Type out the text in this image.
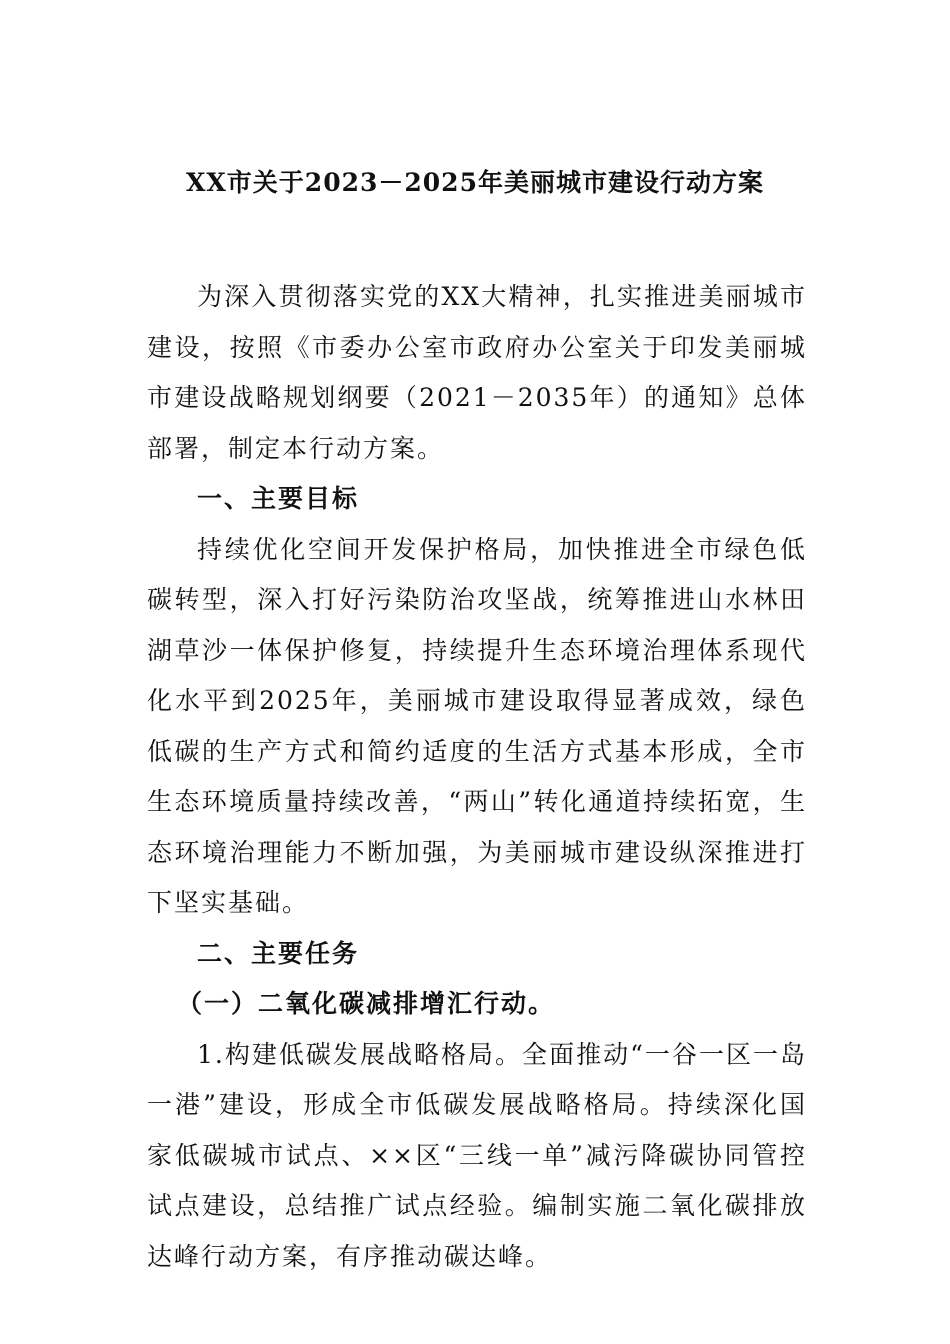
XX市关于2023－2025年美丽城市建设行动方案

为深入贯彻落实党的XX大精神，扎实推进美丽城市建设，按照《市委办公室市政府办公室关于印发美丽城市建设战略规划纲要（2021－2035年）的通知》总体部署，制定本行动方案。

一、主要目标

持续优化空间开发保护格局，加快推进全市绿色低碳转型，深入打好污染防治攻坚战，统筹推进山水林田湖草沙一体保护修复，持续提升生态环境治理体系现代化水平到2025年，美丽城市建设取得显著成效，绿色低碳的生产方式和简约适度的生活方式基本形成，全市生态环境质量持续改善，“两山”转化通道持续拓宽，生态环境治理能力不断加强，为美丽城市建设纵深推进打下坚实基础。

二、主要任务

（一）二氧化碳减排增汇行动。

1.构建低碳发展战略格局。全面推动“一谷一区一岛一港”建设，形成全市低碳发展战略格局。持续深化国家低碳城市试点、××区“三线一单”减污降碳协同管控试点建设，总结推广试点经验。编制实施二氧化碳排放达峰行动方案，有序推动碳达峰。
